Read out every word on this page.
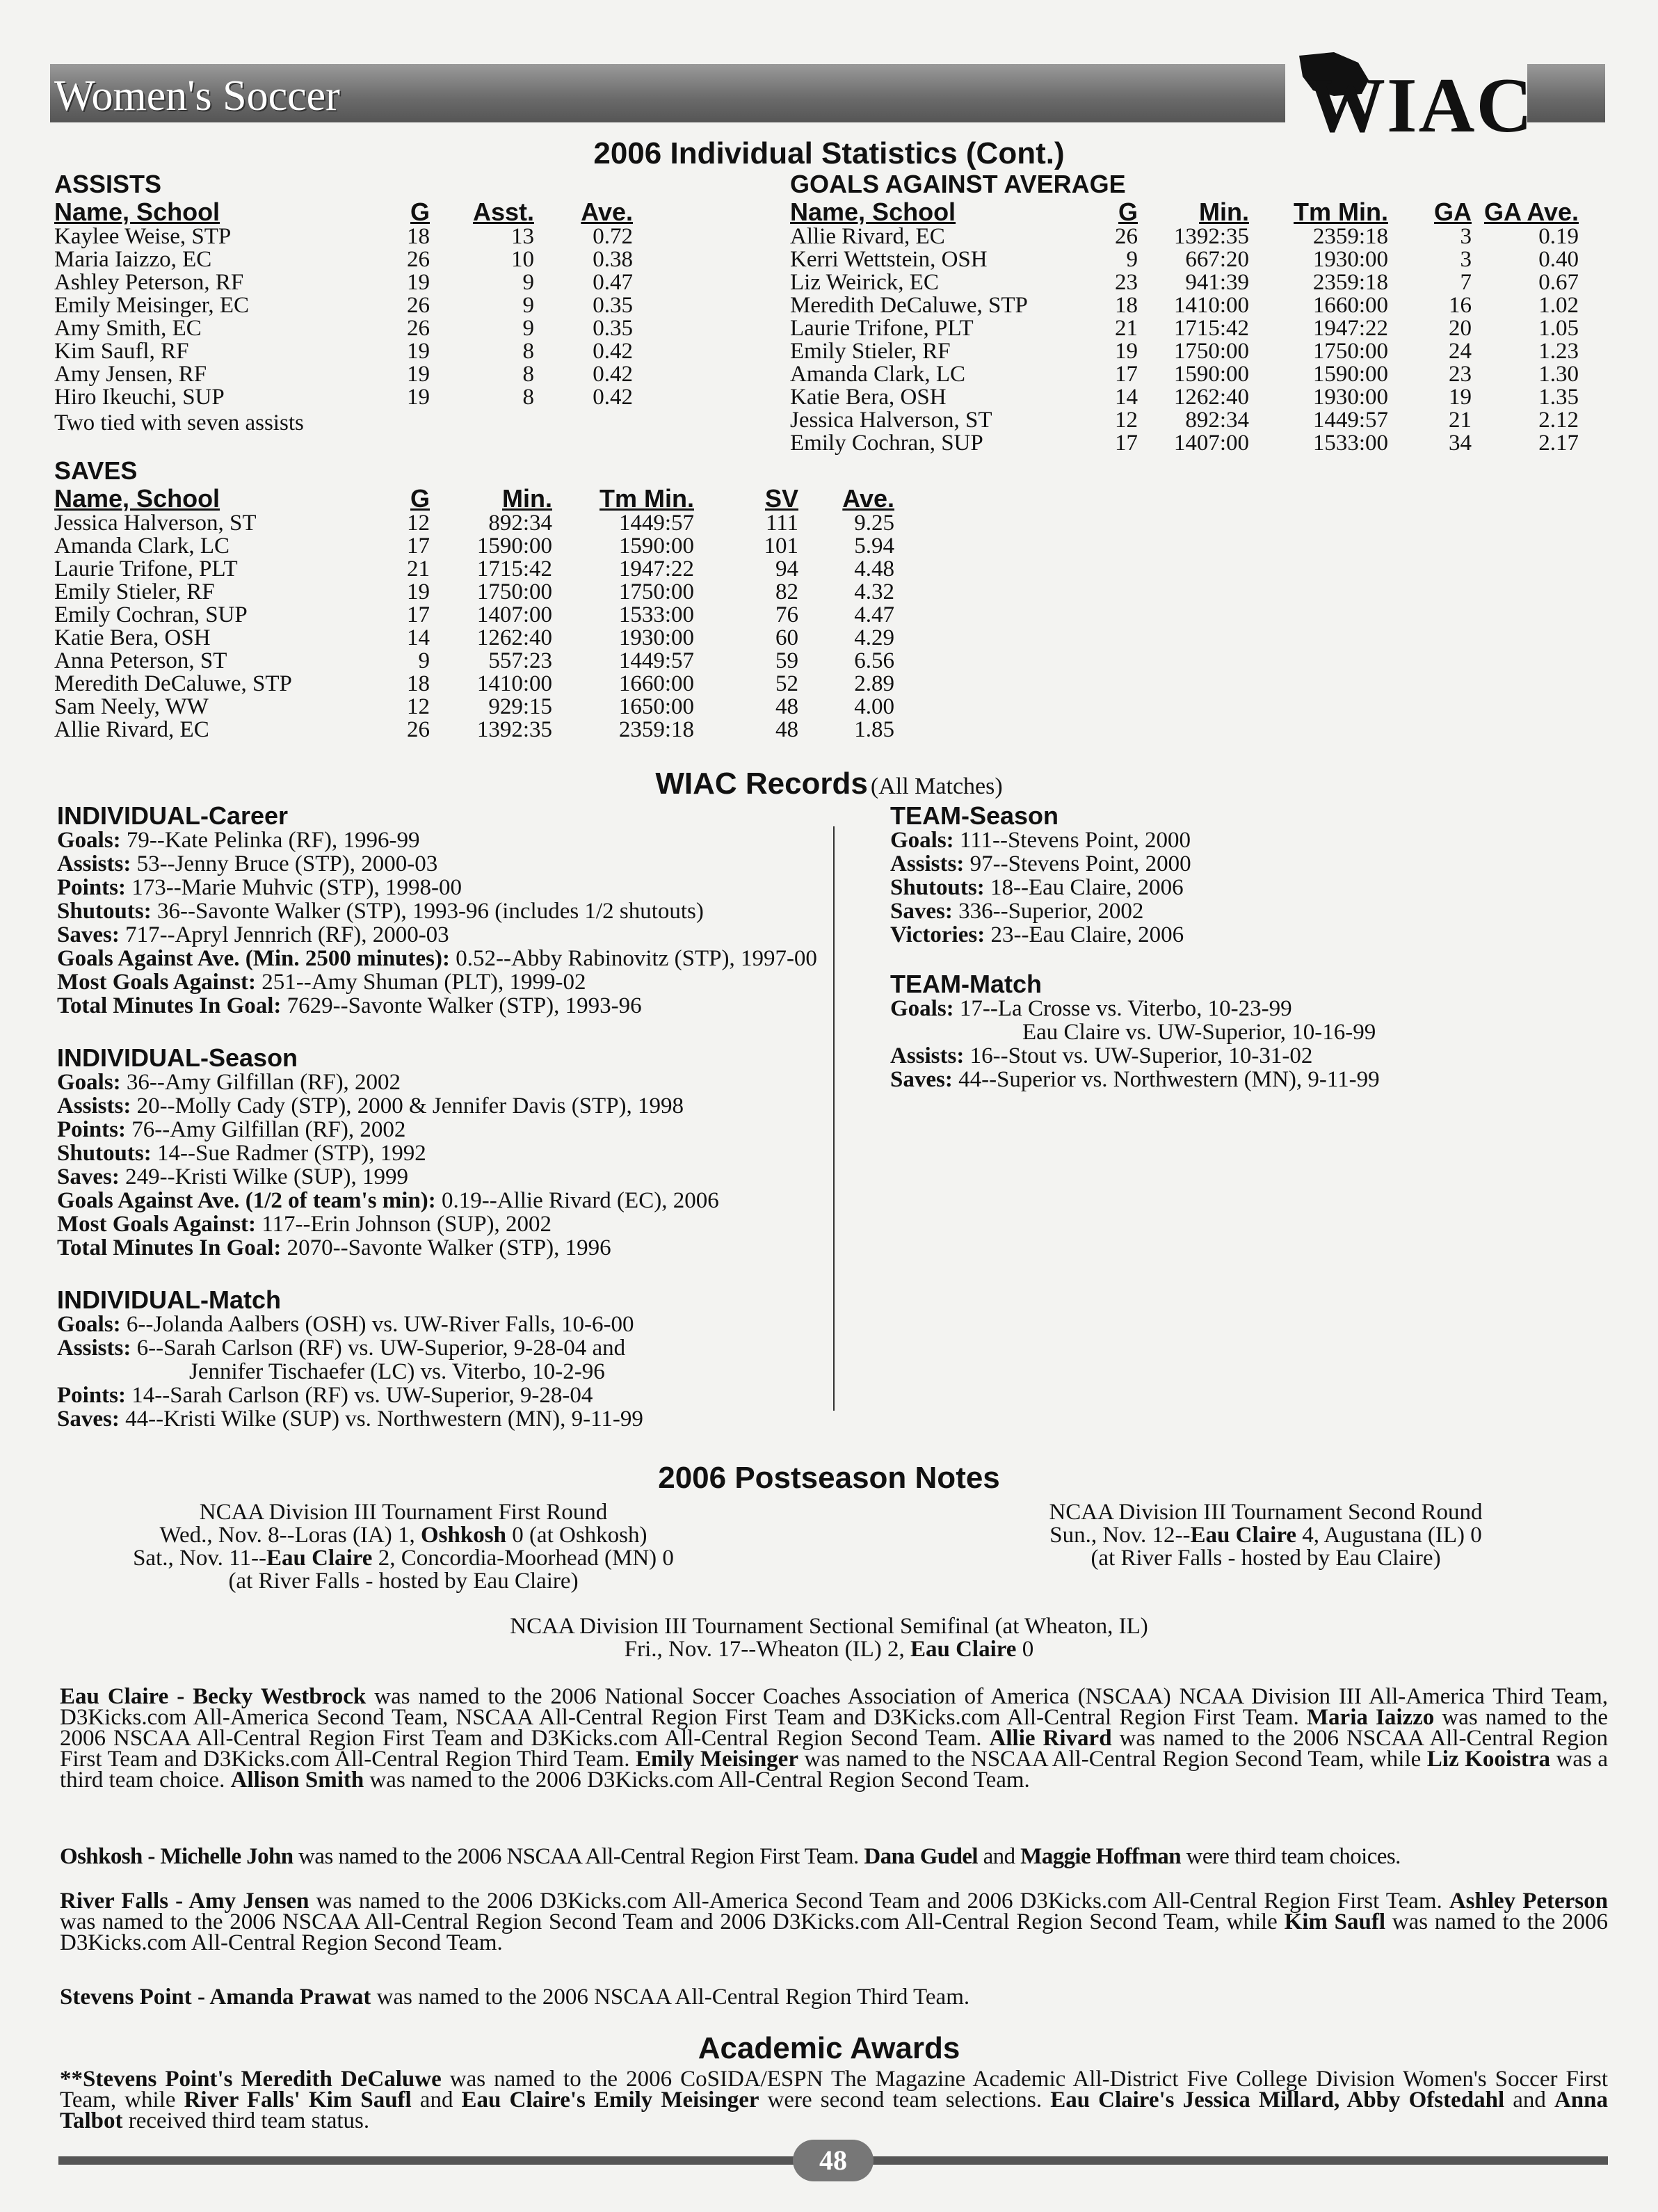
Women's Soccer	WIAC
2006 Individual Statistics (Cont.)
ASSISTS
Name, School	G	Asst.	Ave.
Kaylee Weise, STP	18	13	0.72
Maria Iaizzo, EC	26	10	0.38
Ashley Peterson, RF	19	9	0.47
Emily Meisinger, EC	26	9	0.35
Amy Smith, EC	26	9	0.35
Kim Saufl, RF	19	8	0.42
Amy Jensen, RF	19	8	0.42
Hiro Ikeuchi, SUP	19	8	0.42
Two tied with seven assists
GOALS AGAINST AVERAGE
Name, School	G	Min.	Tm Min.	GA	GA Ave.
Allie Rivard, EC	26	1392:35	2359:18	3	0.19
Kerri Wettstein, OSH	9	667:20	1930:00	3	0.40
Liz Weirick, EC	23	941:39	2359:18	7	0.67
Meredith DeCaluwe, STP	18	1410:00	1660:00	16	1.02
Laurie Trifone, PLT	21	1715:42	1947:22	20	1.05
Emily Stieler, RF	19	1750:00	1750:00	24	1.23
Amanda Clark, LC	17	1590:00	1590:00	23	1.30
Katie Bera, OSH	14	1262:40	1930:00	19	1.35
Jessica Halverson, ST	12	892:34	1449:57	21	2.12
Emily Cochran, SUP	17	1407:00	1533:00	34	2.17
SAVES
Name, School	G	Min.	Tm Min.	SV	Ave.
Jessica Halverson, ST	12	892:34	1449:57	111	9.25
Amanda Clark, LC	17	1590:00	1590:00	101	5.94
Laurie Trifone, PLT	21	1715:42	1947:22	94	4.48
Emily Stieler, RF	19	1750:00	1750:00	82	4.32
Emily Cochran, SUP	17	1407:00	1533:00	76	4.47
Katie Bera, OSH	14	1262:40	1930:00	60	4.29
Anna Peterson, ST	9	557:23	1449:57	59	6.56
Meredith DeCaluwe, STP	18	1410:00	1660:00	52	2.89
Sam Neely, WW	12	929:15	1650:00	48	4.00
Allie Rivard, EC	26	1392:35	2359:18	48	1.85
WIAC Records (All Matches)
INDIVIDUAL-Career
INDIVIDUAL-Season
INDIVIDUAL-Match
TEAM-Season
TEAM-Match
2006 Postseason Notes
NCAA Division III Tournament First Round
Wed., Nov. 8--Loras (IA) 1, Oshkosh 0 (at Oshkosh)
Sat., Nov. 11--Eau Claire 2, Concordia-Moorhead (MN) 0
(at River Falls - hosted by Eau Claire)
NCAA Division III Tournament Second Round
Sun., Nov. 12--Eau Claire 4, Augustana (IL) 0
(at River Falls - hosted by Eau Claire)
NCAA Division III Tournament Sectional Semifinal (at Wheaton, IL)
Fri., Nov. 17--Wheaton (IL) 2, Eau Claire 0
Eau Claire - Becky Westbrock was named to the 2006 National Soccer Coaches Association of America (NSCAA) NCAA Division III All-America Third Team, D3Kicks.com All-America Second Team, NSCAA All-Central Region First Team and D3Kicks.com All-Central Region First Team. Maria Iaizzo was named to the 2006 NSCAA All-Central Region First Team and D3Kicks.com All-Central Region Second Team. Allie Rivard was named to the 2006 NSCAA All-Central Region First Team and D3Kicks.com All-Central Region Third Team. Emily Meisinger was named to the NSCAA All-Central Region Second Team, while Liz Kooistra was a third team choice. Allison Smith was named to the 2006 D3Kicks.com All-Central Region Second Team.
Oshkosh - Michelle John was named to the 2006 NSCAA All-Central Region First Team. Dana Gudel and Maggie Hoffman were third team choices.
River Falls - Amy Jensen was named to the 2006 D3Kicks.com All-America Second Team and 2006 D3Kicks.com All-Central Region First Team. Ashley Peterson was named to the 2006 NSCAA All-Central Region Second Team and 2006 D3Kicks.com All-Central Region Second Team, while Kim Saufl was named to the 2006 D3Kicks.com All-Central Region Second Team.
Stevens Point - Amanda Prawat was named to the 2006 NSCAA All-Central Region Third Team.
Academic Awards
**Stevens Point's Meredith DeCaluwe was named to the 2006 CoSIDA/ESPN The Magazine Academic All-District Five College Division Women's Soccer First Team, while River Falls' Kim Saufl and Eau Claire's Emily Meisinger were second team selections. Eau Claire's Jessica Millard, Abby Ofstedahl and Anna Talbot received third team status.
48
Goals: 79--Kate Pelinka (RF), 1996-99
Assists: 53--Jenny Bruce (STP), 2000-03
Points: 173--Marie Muhvic (STP), 1998-00
Shutouts: 36--Savonte Walker (STP), 1993-96 (includes 1/2 shutouts)
Saves: 717--Apryl Jennrich (RF), 2000-03
Goals Against Ave. (Min. 2500 minutes): 0.52--Abby Rabinovitz (STP), 1997-00
Most Goals Against: 251--Amy Shuman (PLT), 1999-02
Total Minutes In Goal: 7629--Savonte Walker (STP), 1993-96
Goals: 36--Amy Gilfillan (RF), 2002
Assists: 20--Molly Cady (STP), 2000 & Jennifer Davis (STP), 1998
Points: 76--Amy Gilfillan (RF), 2002
Shutouts: 14--Sue Radmer (STP), 1992
Saves: 249--Kristi Wilke (SUP), 1999
Goals Against Ave. (1/2 of team's min): 0.19--Allie Rivard (EC), 2006
Most Goals Against: 117--Erin Johnson (SUP), 2002
Total Minutes In Goal: 2070--Savonte Walker (STP), 1996
Goals: 6--Jolanda Aalbers (OSH) vs. UW-River Falls, 10-6-00
Assists: 6--Sarah Carlson (RF) vs. UW-Superior, 9-28-04 and
Jennifer Tischaefer (LC) vs. Viterbo, 10-2-96
Points: 14--Sarah Carlson (RF) vs. UW-Superior, 9-28-04
Saves: 44--Kristi Wilke (SUP) vs. Northwestern (MN), 9-11-99
Goals: 111--Stevens Point, 2000
Assists: 97--Stevens Point, 2000
Shutouts: 18--Eau Claire, 2006
Saves: 336--Superior, 2002
Victories: 23--Eau Claire, 2006
Goals: 17--La Crosse vs. Viterbo, 10-23-99
Eau Claire vs. UW-Superior, 10-16-99
Assists: 16--Stout vs. UW-Superior, 10-31-02
Saves: 44--Superior vs. Northwestern (MN), 9-11-99
